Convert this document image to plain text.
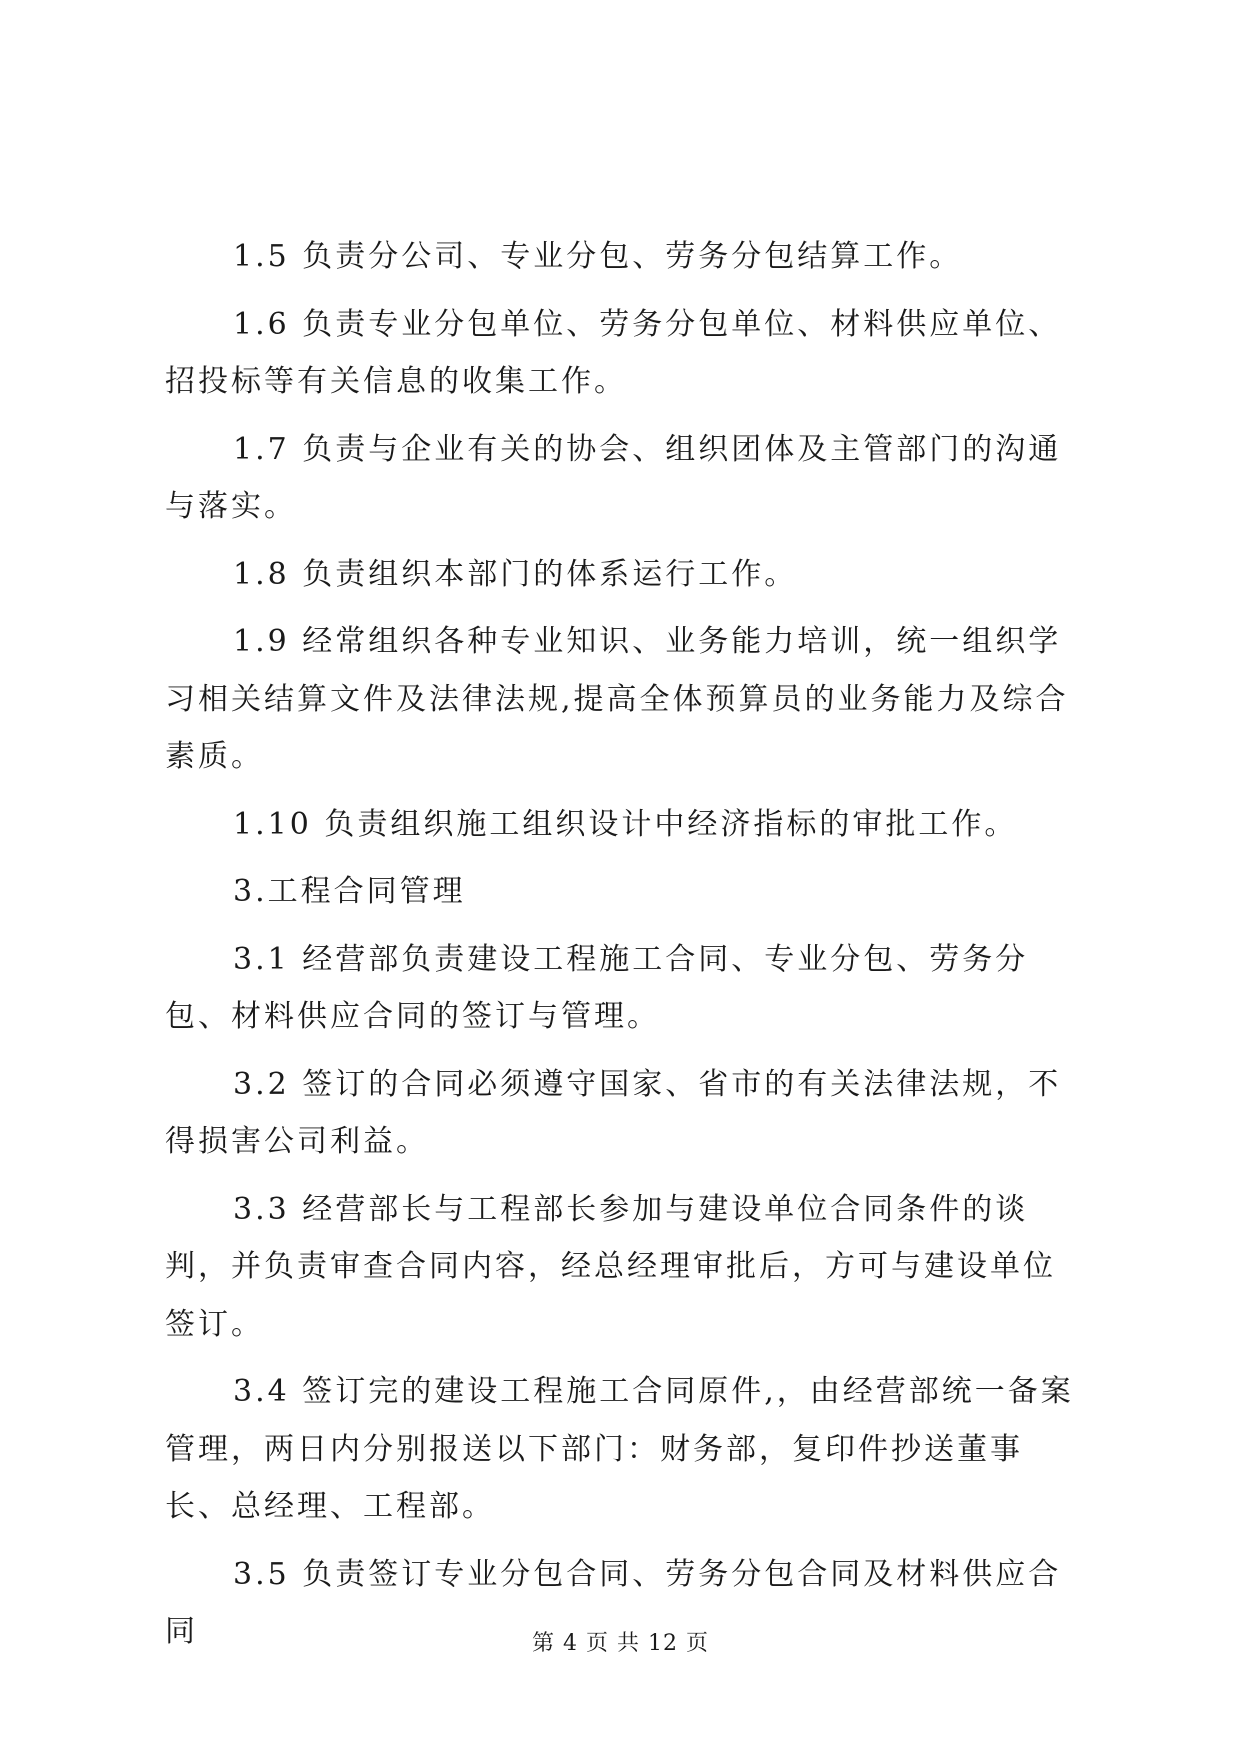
1.5 负责分公司、专业分包、劳务分包结算工作。

1.6 负责专业分包单位、劳务分包单位、材料供应单位、招投标等有关信息的收集工作。

1.7 负责与企业有关的协会、组织团体及主管部门的沟通与落实。

1.8 负责组织本部门的体系运行工作。

1.9 经常组织各种专业知识、业务能力培训，统一组织学习相关结算文件及法律法规,提高全体预算员的业务能力及综合素质。

1.10 负责组织施工组织设计中经济指标的审批工作。

3.工程合同管理

3.1 经营部负责建设工程施工合同、专业分包、劳务分包、材料供应合同的签订与管理。

3.2 签订的合同必须遵守国家、省市的有关法律法规，不得损害公司利益。

3.3 经营部长与工程部长参加与建设单位合同条件的谈判，并负责审查合同内容，经总经理审批后，方可与建设单位签订。

3.4 签订完的建设工程施工合同原件,，由经营部统一备案管理，两日内分别报送以下部门：财务部，复印件抄送董事长、总经理、工程部。

3.5 负责签订专业分包合同、劳务分包合同及材料供应合同	第 4 页 共 12 页
